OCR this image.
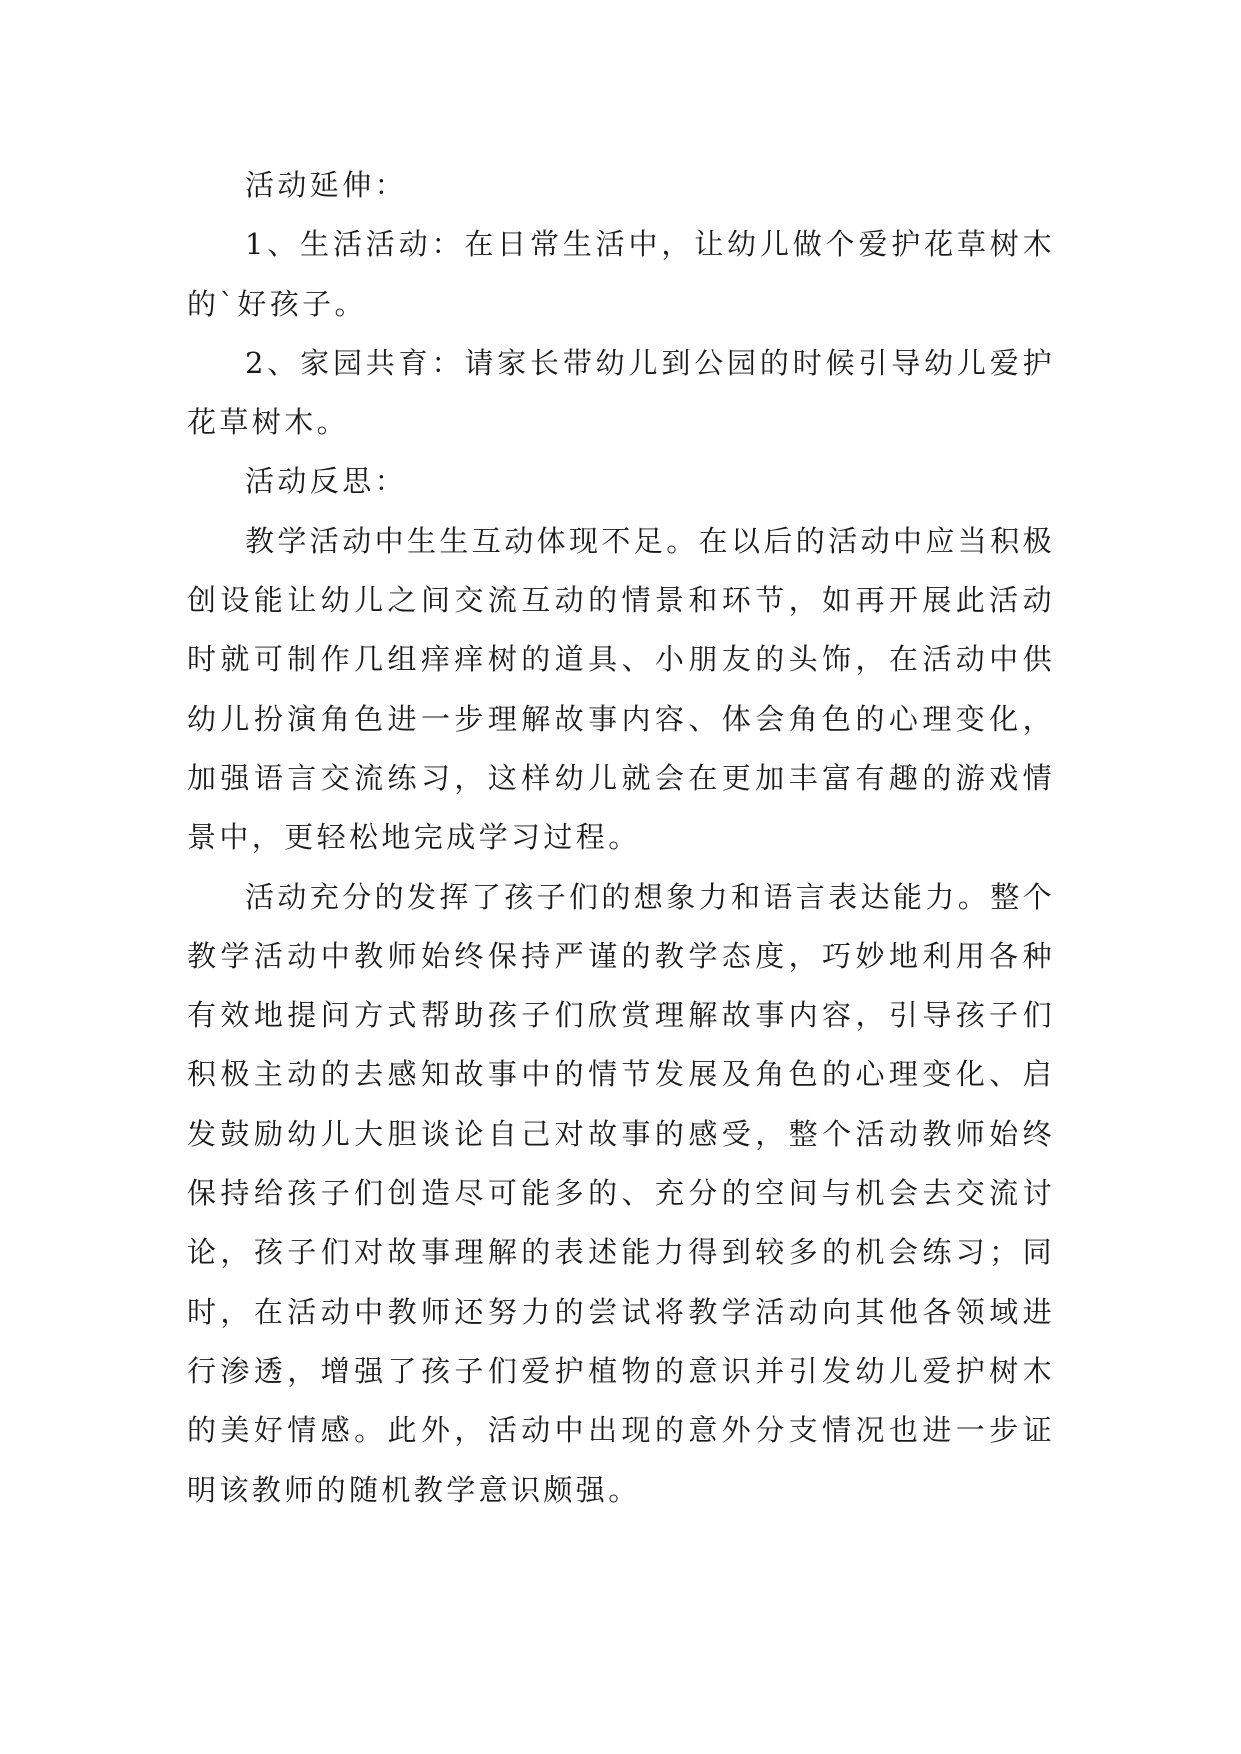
活动延伸：

1、生活活动：在日常生活中，让幼儿做个爱护花草树木的`好孩子。

2、家园共育：请家长带幼儿到公园的时候引导幼儿爱护花草树木。

活动反思：

教学活动中生生互动体现不足。在以后的活动中应当积极创设能让幼儿之间交流互动的情景和环节，如再开展此活动时就可制作几组痒痒树的道具、小朋友的头饰，在活动中供幼儿扮演角色进一步理解故事内容、体会角色的心理变化，加强语言交流练习，这样幼儿就会在更加丰富有趣的游戏情景中，更轻松地完成学习过程。

活动充分的发挥了孩子们的想象力和语言表达能力。整个教学活动中教师始终保持严谨的教学态度，巧妙地利用各种有效地提问方式帮助孩子们欣赏理解故事内容，引导孩子们积极主动的去感知故事中的情节发展及角色的心理变化、启发鼓励幼儿大胆谈论自己对故事的感受，整个活动教师始终保持给孩子们创造尽可能多的、充分的空间与机会去交流讨论，孩子们对故事理解的表述能力得到较多的机会练习；同时，在活动中教师还努力的尝试将教学活动向其他各领域进行渗透，增强了孩子们爱护植物的意识并引发幼儿爱护树木的美好情感。此外，活动中出现的意外分支情况也进一步证明该教师的随机教学意识颇强。
